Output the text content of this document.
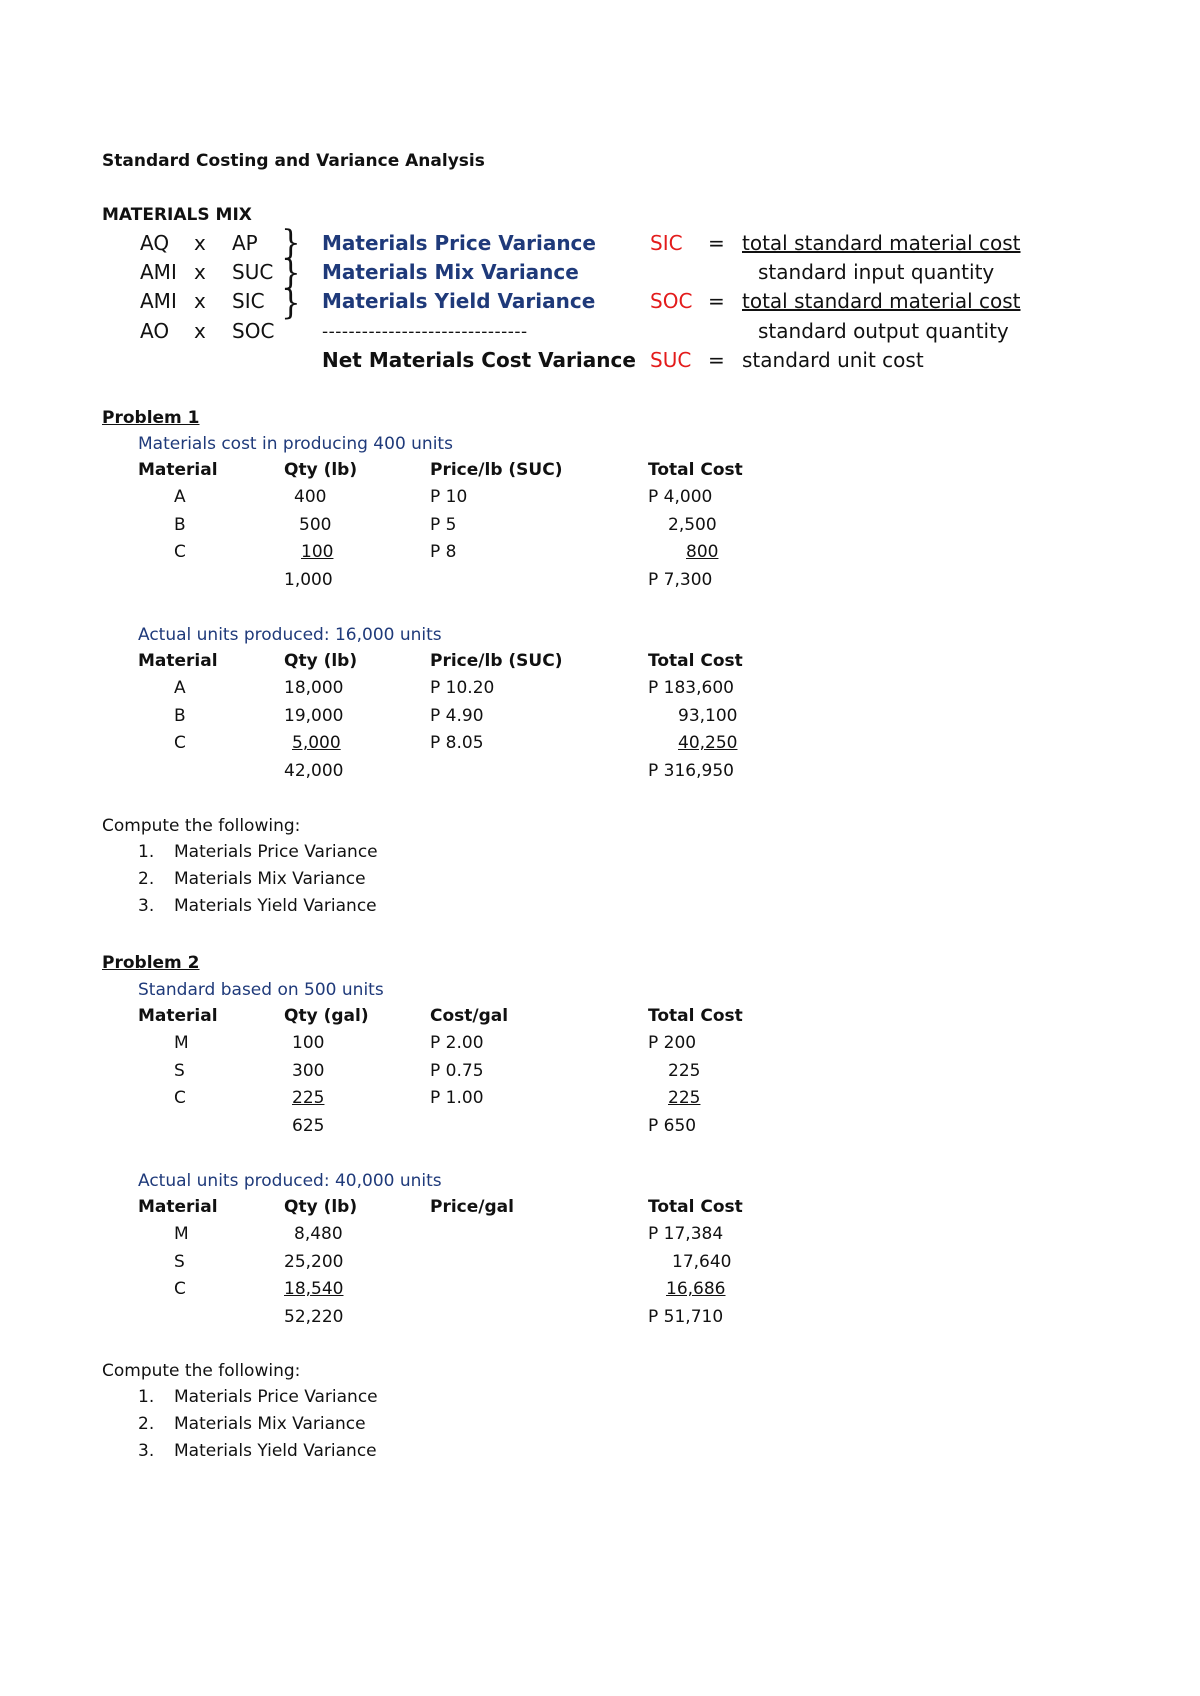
Standard Costing and Variance Analysis
MATERIALS MIX
AQ x AP
AMI x SUC
AMI x SIC
AO x SOC
}
}
}
Materials Price Variance
Materials Mix Variance
Materials Yield Variance
-------------------------------
Net Materials Cost Variance
SIC = total standard material cost
standard input quantity
SOC = total standard material cost
standard output quantity
SUC = standard unit cost
Problem 1
Materials cost in producing 400 units
Material	Qty (lb)	Price/lb (SUC)	Total Cost
A	400	P 10	P 4,000
B	500	P 5	2,500
C	100	P 8	800
	1,000		P 7,300
Actual units produced: 16,000 units
Material	Qty (lb)	Price/lb (SUC)	Total Cost
A	18,000	P 10.20	P 183,600
B	19,000	P 4.90	93,100
C	5,000	P 8.05	40,250
	42,000		P 316,950
Compute the following:
1. Materials Price Variance
2. Materials Mix Variance
3. Materials Yield Variance
Problem 2
Standard based on 500 units
Material	Qty (gal)	Cost/gal	Total Cost
M	100	P 2.00	P 200
S	300	P 0.75	225
C	225	P 1.00	225
	625		P 650
Actual units produced: 40,000 units
Material	Qty (lb)	Price/gal	Total Cost
M	8,480		P 17,384
S	25,200		17,640
C	18,540		16,686
	52,220		P 51,710
Compute the following:
1. Materials Price Variance
2. Materials Mix Variance
3. Materials Yield Variance
